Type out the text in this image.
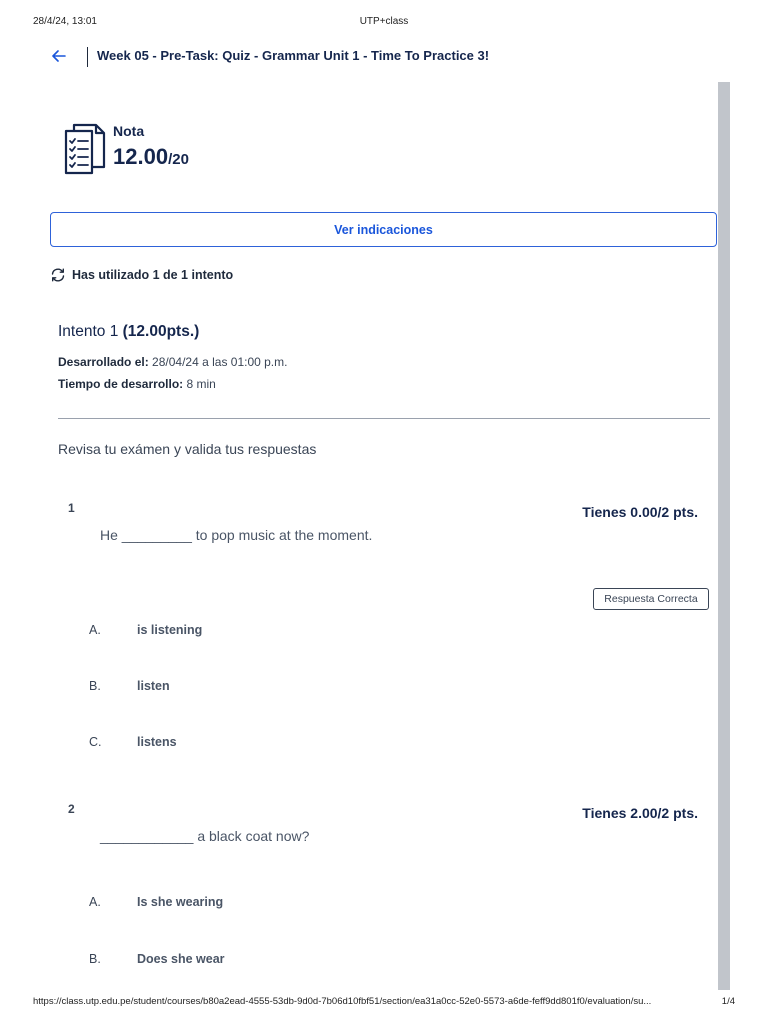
28/4/24, 13:01	UTP+class
Week 05 - Pre-Task: Quiz - Grammar Unit 1 - Time To Practice 3!
Nota
12.00/20
Ver indicaciones
Has utilizado 1 de 1 intento
Intento 1 (12.00pts.)
Desarrollado el: 28/04/24 a las 01:00 p.m.
Tiempo de desarrollo: 8 min
Revisa tu exámen y valida tus respuestas
1	Tienes 0.00/2 pts.
He _________ to pop music at the moment.
Respuesta Correcta
A.	is listening
B.	listen
C.	listens
2	Tienes 2.00/2 pts.
____________ a black coat now?
A.	Is she wearing
B.	Does she wear
https://class.utp.edu.pe/student/courses/b80a2ead-4555-53db-9d0d-7b06d10fbf51/section/ea31a0cc-52e0-5573-a6de-feff9dd801f0/evaluation/su...	1/4
